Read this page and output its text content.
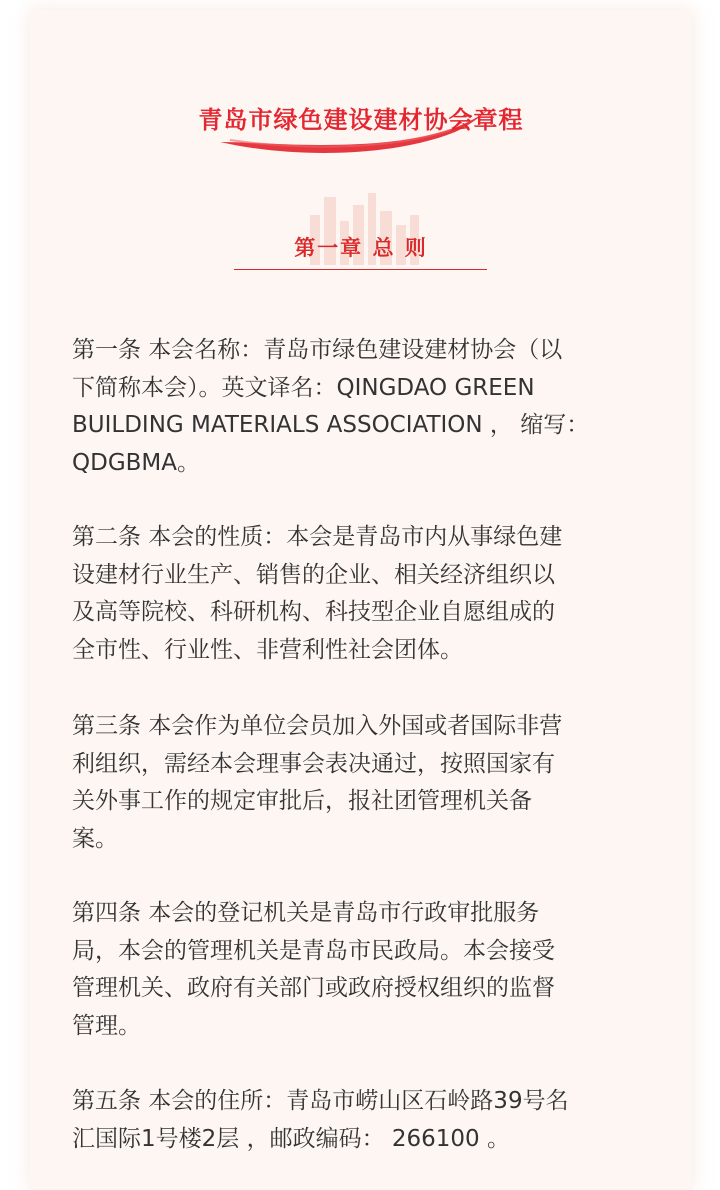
青岛市绿色建设建材协会章程
第一章 总 则

第一条 本会名称：青岛市绿色建设建材协会（以
下简称本会）。英文译名：QINGDAO GREEN
BUILDING MATERIALS ASSOCIATION ， 缩写：
QDGBMA。

第二条 本会的性质：本会是青岛市内从事绿色建
设建材行业生产、销售的企业、相关经济组织以
及高等院校、科研机构、科技型企业自愿组成的
全市性、行业性、非营利性社会团体。

第三条 本会作为单位会员加入外国或者国际非营
利组织，需经本会理事会表决通过，按照国家有
关外事工作的规定审批后，报社团管理机关备
案。

第四条 本会的登记机关是青岛市行政审批服务
局，本会的管理机关是青岛市民政局。本会接受
管理机关、政府有关部门或政府授权组织的监督
管理。

第五条 本会的住所：青岛市崂山区石岭路39号名
汇国际1号楼2层 ，邮政编码： 266100 。
